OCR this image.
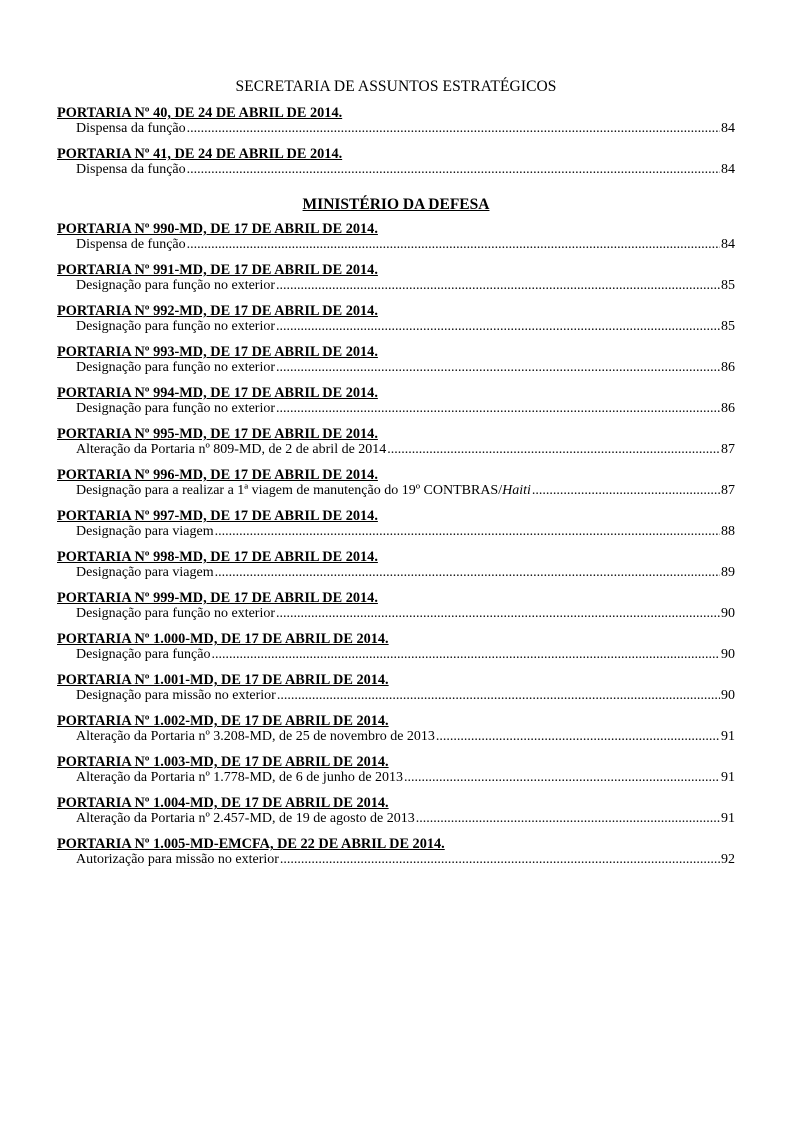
SECRETARIA DE ASSUNTOS ESTRATÉGICOS
PORTARIA Nº 40, DE 24 DE ABRIL DE 2014.
Dispensa da função .....	84
PORTARIA Nº 41, DE 24 DE ABRIL DE 2014.
Dispensa da função .....	84
MINISTÉRIO DA DEFESA
PORTARIA Nº 990-MD, DE 17 DE ABRIL DE 2014.
Dispensa de função .....	84
PORTARIA Nº 991-MD, DE 17 DE ABRIL DE 2014.
Designação para função no exterior .....	85
PORTARIA Nº 992-MD, DE 17 DE ABRIL DE 2014.
Designação para função no exterior .....	85
PORTARIA Nº 993-MD, DE 17 DE ABRIL DE 2014.
Designação para função no exterior .....	86
PORTARIA Nº 994-MD, DE 17 DE ABRIL DE 2014.
Designação para função no exterior .....	86
PORTARIA Nº 995-MD, DE 17 DE ABRIL DE 2014.
Alteração da Portaria nº 809-MD, de 2 de abril de 2014 .....	87
PORTARIA Nº 996-MD, DE 17 DE ABRIL DE 2014.
Designação para a realizar a 1ª viagem de manutenção do 19º CONTBRAS/Haiti .....	87
PORTARIA Nº 997-MD, DE 17 DE ABRIL DE 2014.
Designação para viagem .....	88
PORTARIA Nº 998-MD, DE 17 DE ABRIL DE 2014.
Designação para viagem .....	89
PORTARIA Nº 999-MD, DE 17 DE ABRIL DE 2014.
Designação para função no exterior .....	90
PORTARIA Nº 1.000-MD, DE 17 DE ABRIL DE 2014.
Designação para função .....	90
PORTARIA Nº 1.001-MD, DE 17 DE ABRIL DE 2014.
Designação para missão no exterior .....	90
PORTARIA Nº 1.002-MD, DE 17 DE ABRIL DE 2014.
Alteração da Portaria nº 3.208-MD, de 25 de novembro de 2013 .....	91
PORTARIA Nº 1.003-MD, DE 17 DE ABRIL DE 2014.
Alteração da Portaria nº 1.778-MD, de 6 de junho de 2013 .....	91
PORTARIA Nº 1.004-MD, DE 17 DE ABRIL DE 2014.
Alteração da Portaria nº 2.457-MD, de 19 de agosto de 2013 .....	91
PORTARIA Nº 1.005-MD-EMCFA, DE 22 DE ABRIL DE 2014.
Autorização para missão no exterior .....	92
